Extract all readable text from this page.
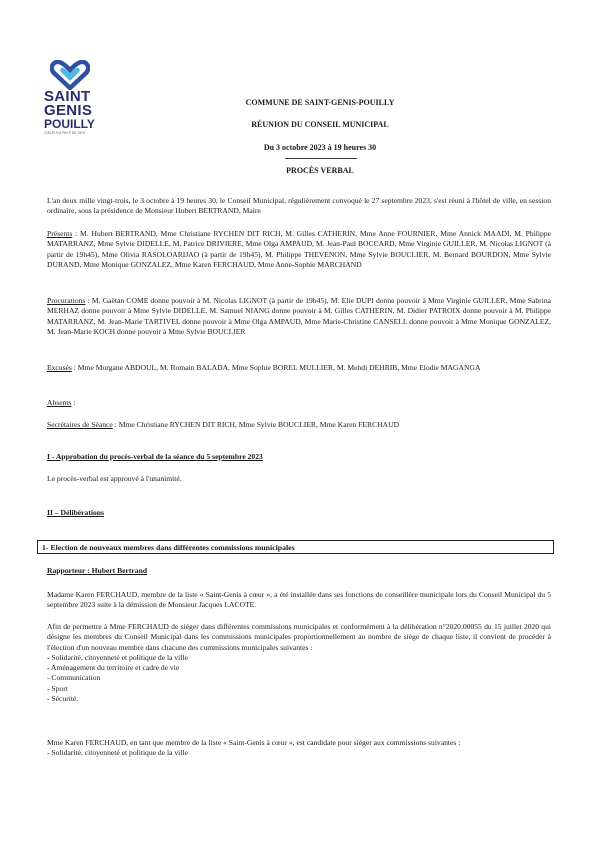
SAINT
GENIS
POUILLY
CŒUR DU PAYS DE GEX
COMMUNE DE SAINT-GENIS-POUILLY
RÉUNION DU CONSEIL MUNICIPAL
Du 3 octobre 2023 à 19 heures 30
PROCÈS VERBAL

L'an deux mille vingt-trois, le 3 octobre à 19 heures 30, le Conseil Municipal, régulièrement convoqué le 27 septembre 2023, s'est réuni à l'hôtel de ville, en session ordinaire, sous la présidence de Monsieur Hubert BERTRAND, Maire

Présents : M. Hubert BERTRAND, Mme Christiane RYCHEN DIT RICH, M. Gilles CATHERIN, Mme Anne FOURNIER, Mme Annick MAADI, M. Philippe MATARRANZ, Mme Sylvie DIDELLE, M. Patrice DRIVIERE, Mme Olga AMPAUD, M. Jean-Paul BOCCARD, Mme Virginie GUILLER, M. Nicolas LIGNOT (à partir de 19h45), Mme Olivia RASOLOARIJAO (à partir de 19h45), M. Philippe THEVENON, Mme Sylvie BOUCLIER, M. Bernard BOURDON, Mme Sylvie DURAND, Mme Monique GONZALEZ, Mme Karen FERCHAUD, Mme Anne-Sophie MARCHAND

Procurations : M. Gaëtan COME donne pouvoir à M. Nicolas LIGNOT (à partir de 19h45), M. Elie DUPI donne pouvoir à Mme Virginie GUILLER, Mme Sabrina MERHAZ donne pouvoir à Mme Sylvie DIDELLE, M. Samuel NIANG donne pouvoir à M. Gilles CATHERIN, M. Didier PATROIX donne pouvoir à M. Philippe MATARRANZ, M. Jean-Marie TARTIVEL donne pouvoir à Mme Olga AMPAUD, Mme Marie-Christine CANSELL donne pouvoir à Mme Monique GONZALEZ, M. Jean-Marie KOCH donne pouvoir à Mme Sylvie BOUCLIER

Excusés : Mme Morgane ABDOUL, M. Romain BALADA, Mme Sophie BOREL MULLIER, M. Mehdi DEHRIB, Mme Elodie MAGANGA

Absents :

Secrétaires de Séance : Mme Christiane RYCHEN DIT RICH, Mme Sylvie BOUCLIER, Mme Karen FERCHAUD

I - Approbation du procès-verbal de la séance du 5 septembre 2023
Le procès-verbal est approuvé à l'unanimité.
II – Délibérations
1- Election de nouveaux membres dans différentes commissions municipales
Rapporteur : Hubert Bertrand

Madame Karen FERCHAUD, membre de la liste « Saint-Genis à cœur », a été installée dans ses fonctions de conseillère municipale lors du Conseil Municipal du 5 septembre 2023 suite à la démission de Monsieur Jacques LACOTE.

Afin de permettre à Mme FERCHAUD de siéger dans différentes commissions municipales et conformément à la délibération n°2020.00055 du 15 juillet 2020 qui désigne les membres du Conseil Municipal dans les commissions municipales proportionnellement au nombre de siège de chaque liste, il convient de procéder à l'élection d'un nouveau membre dans chacune des commissions municipales suivantes :

- Solidarité, citoyenneté et politique de la ville
- Aménagement du territoire et cadre de vie
- Communication
- Sport
- Sécurité.

Mme Karen FERCHAUD, en tant que membre de la liste « Saint-Genis à cœur », est candidate pour siéger aux commissions suivantes :

- Solidarité, citoyenneté et politique de la ville
